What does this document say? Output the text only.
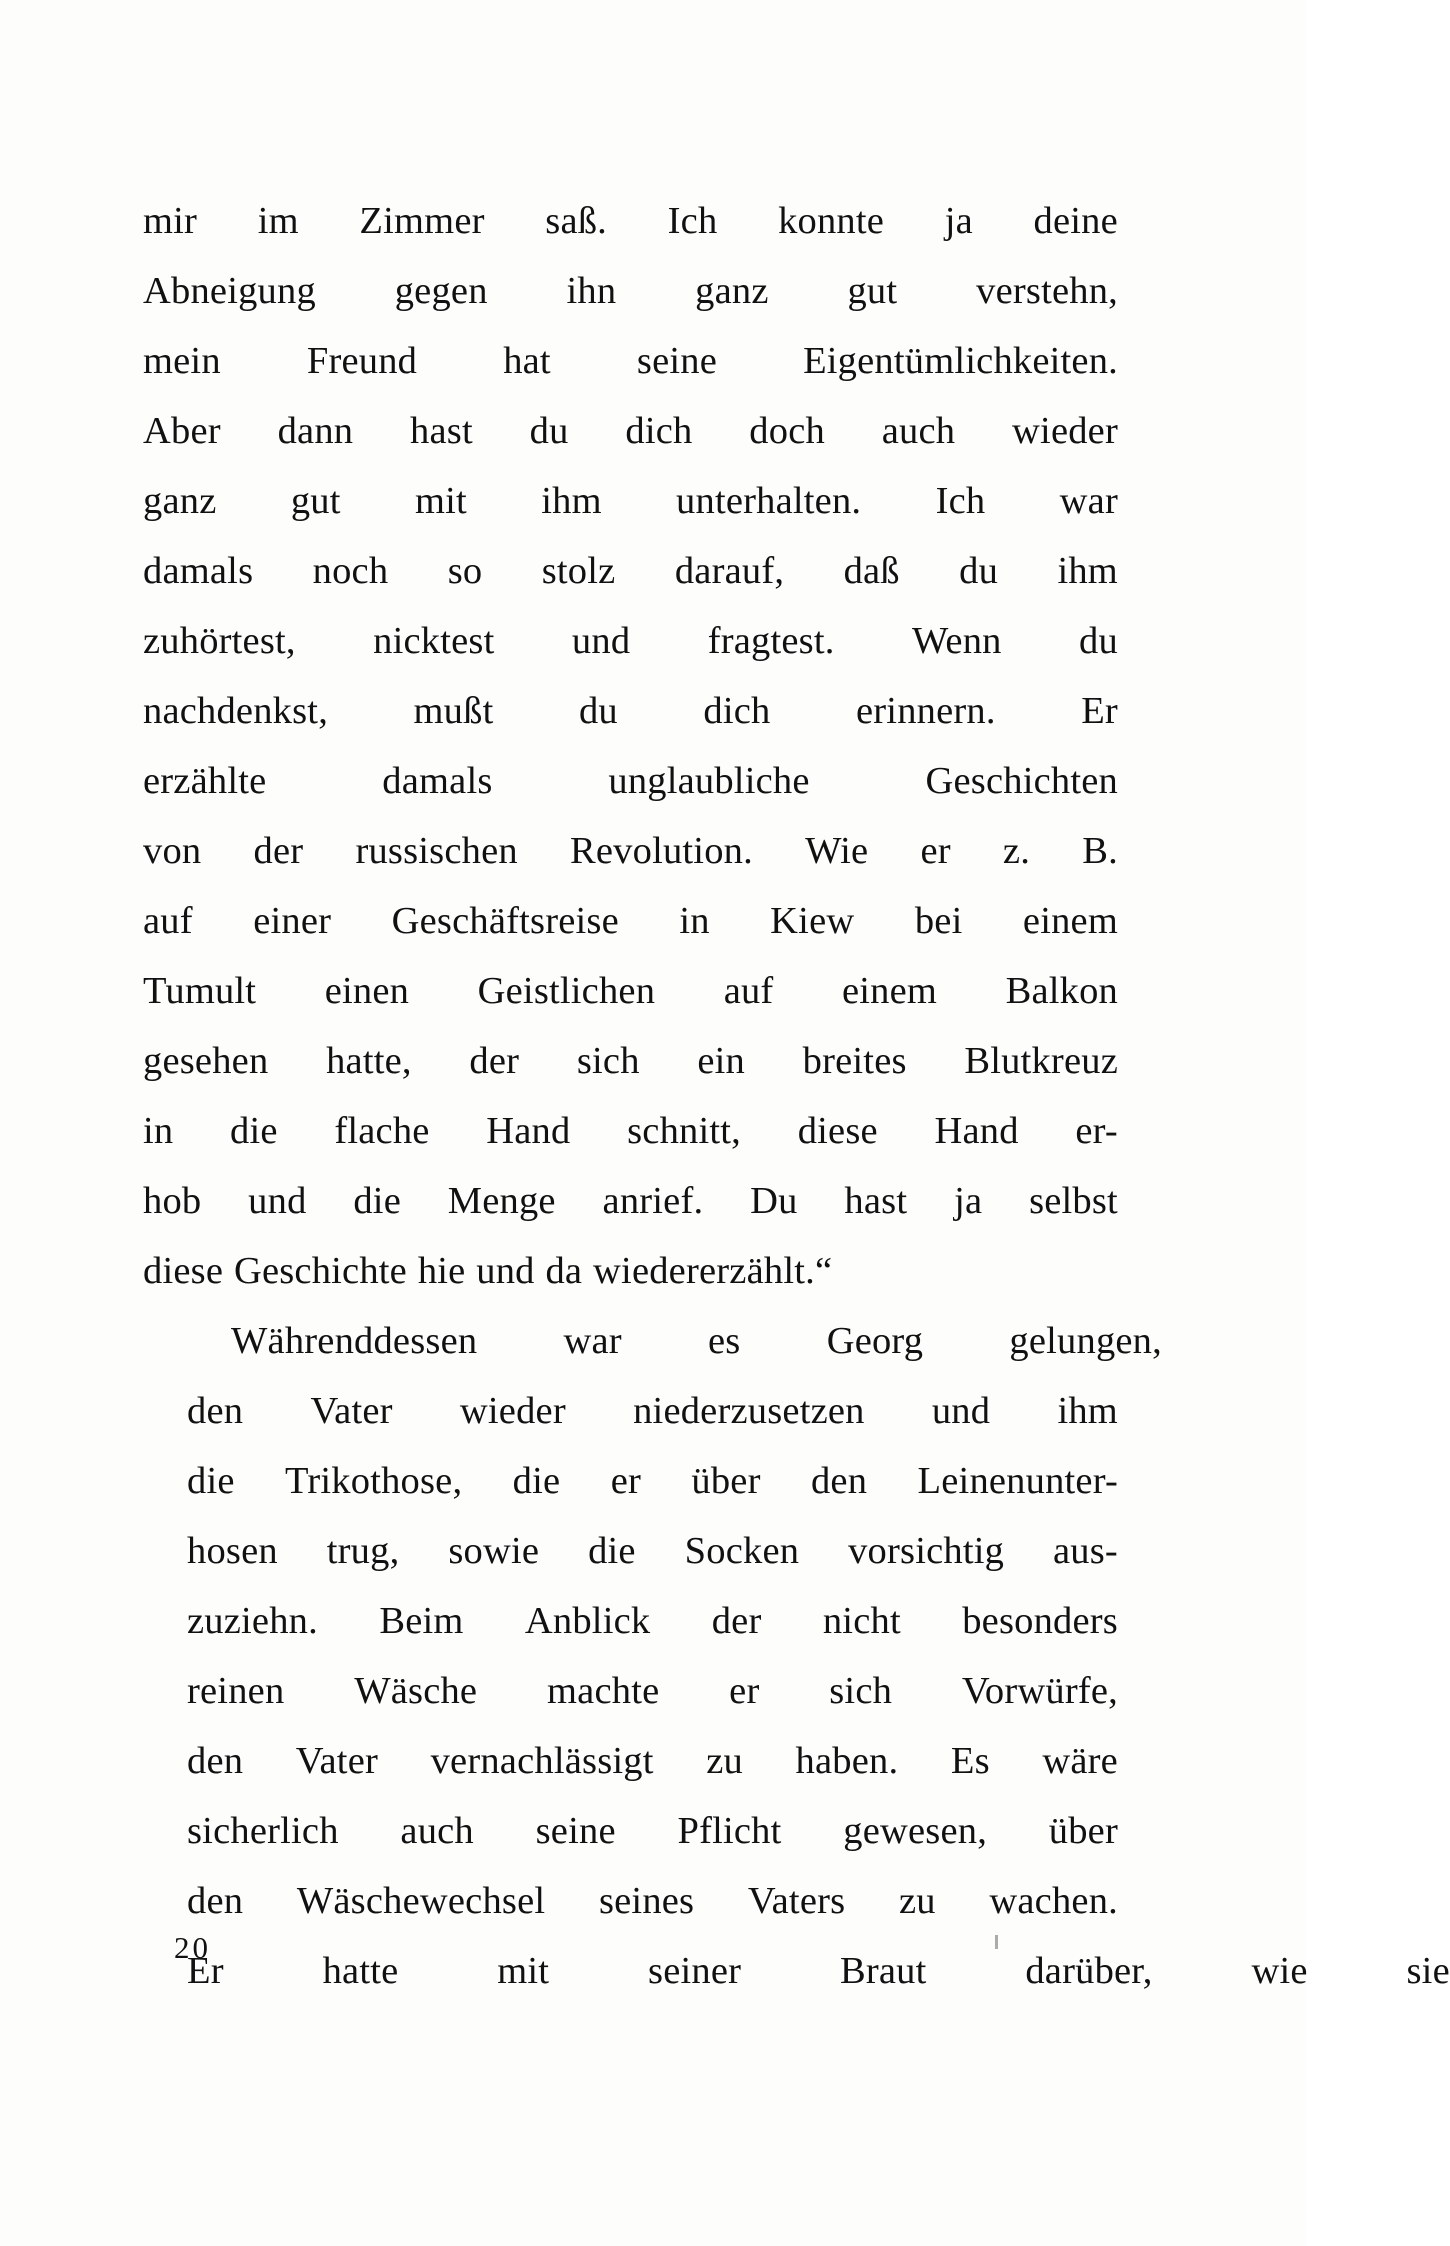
mir im Zimmer saß. Ich konnte ja deine
Abneigung gegen ihn ganz gut verstehn,
mein Freund hat seine Eigentümlichkeiten.
Aber dann hast du dich doch auch wieder
ganz gut mit ihm unterhalten. Ich war
damals noch so stolz darauf, daß du ihm
zuhörtest, nicktest und fragtest. Wenn du
nachdenkst, mußt du dich erinnern. Er
erzählte	damals	unglaubliche	Geschichten
von der russischen Revolution. Wie er z. B.
auf einer Geschäftsreise in Kiew bei einem
Tumult einen Geistlichen auf einem Balkon
gesehen hatte, der sich ein breites Blutkreuz
in die flache Hand schnitt, diese Hand er-
hob und die Menge anrief. Du hast ja selbst
diese
Geschichte
hie
und
da
wiedererzählt.“
Währenddessen	war	es	Georg	gelungen,
den	Vater	wieder	niederzusetzen	und	ihm
die	Trikothose,	die	er	über	den	Leinenunter-
hosen	trug,	sowie	die	Socken	vorsichtig	aus-
zuziehn.	Beim	Anblick	der	nicht	besonders
reinen	Wäsche	machte	er	sich	Vorwürfe,
den	Vater	vernachlässigt	zu	haben.	Es	wäre
sicherlich	auch	seine	Pflicht	gewesen,	über
den	Wäschewechsel	seines	Vaters	zu	wachen.
Er
	hatte
	mit
	seiner
	Braut
	darüber,
	wie
	sie
20
